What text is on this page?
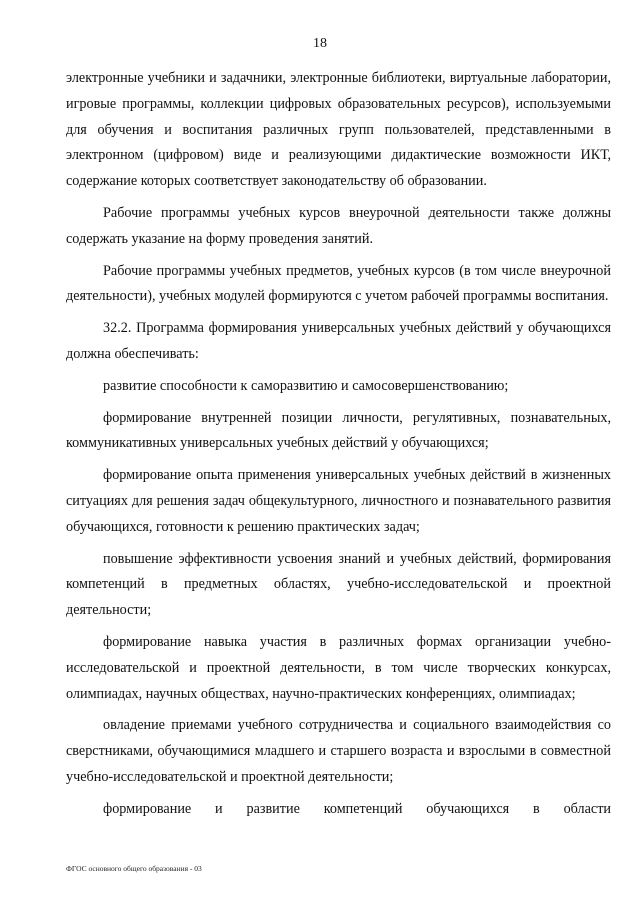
18

электронные учебники и задачники, электронные библиотеки, виртуальные лаборатории, игровые программы, коллекции цифровых образовательных ресурсов), используемыми для обучения и воспитания различных групп пользователей, представленными в электронном (цифровом) виде и реализующими дидактические возможности ИКТ, содержание которых соответствует законодательству об образовании.

Рабочие программы учебных курсов внеурочной деятельности также должны содержать указание на форму проведения занятий.

Рабочие программы учебных предметов, учебных курсов (в том числе внеурочной деятельности), учебных модулей формируются с учетом рабочей программы воспитания.

32.2. Программа формирования универсальных учебных действий у обучающихся должна обеспечивать:

развитие способности к саморазвитию и самосовершенствованию;

формирование внутренней позиции личности, регулятивных, познавательных, коммуникативных универсальных учебных действий у обучающихся;

формирование опыта применения универсальных учебных действий в жизненных ситуациях для решения задач общекультурного, личностного и познавательного развития обучающихся, готовности к решению практических задач;

повышение эффективности усвоения знаний и учебных действий, формирования компетенций в предметных областях, учебно-исследовательской и проектной деятельности;

формирование навыка участия в различных формах организации учебно-исследовательской и проектной деятельности, в том числе творческих конкурсах, олимпиадах, научных обществах, научно-практических конференциях, олимпиадах;

овладение приемами учебного сотрудничества и социального взаимодействия со сверстниками, обучающимися младшего и старшего возраста и взрослыми в совместной учебно-исследовательской и проектной деятельности;

формирование и развитие компетенций обучающихся в области

ФГОС основного общего образования - 03
